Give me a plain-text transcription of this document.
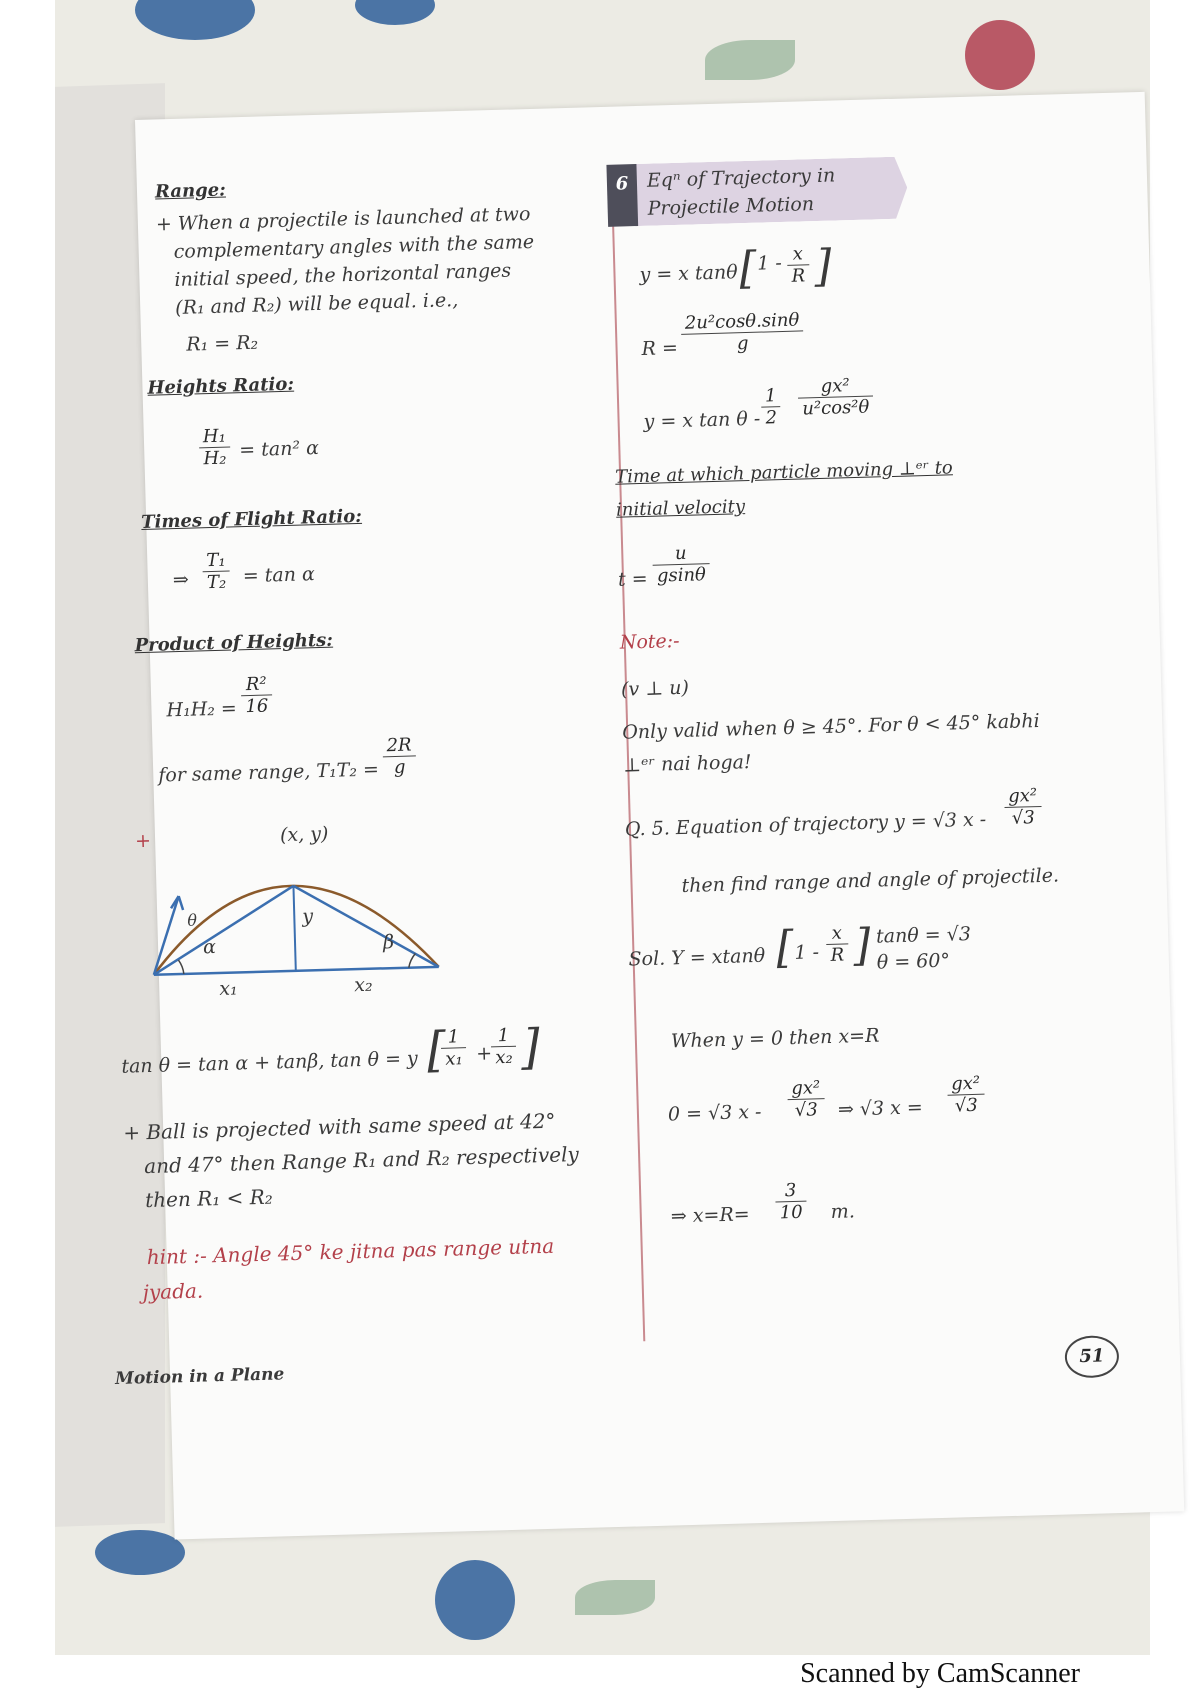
Range:
+ When a projectile is launched at two
complementary angles with the same
initial speed, the horizontal ranges
(R₁ and R₂) will be equal. i.e.,
R₁ = R₂
Heights Ratio:
$\frac{\text{H₁}}{\text{H₂}} = \tan^2$ α
Times of Flight Ratio:
⇒ $\frac{\text{T₁}}{\text{T₂}} = \tan \alpha$
Product of Heights:
$H_1H_2 = \frac{\text{R²}}{16}$
for same range, $T_1T_2 = \frac{2R}{g}$
+	(x, y)
θ
α
y
β
x₁	x₂
tan θ = tan α + tanβ, tan θ = y [
$\frac{1}{\text{x₁}}$ +
$\frac{1}{\text{x₂}}$ ]
+ Ball is projected with same speed at 42°
and 47° then Range R₁ and R₂ respectively
then R₁ < R₂
hint :- Angle 45° ke jitna pas range utna
jyada.
6 Eqⁿ of Trajectory in
Projectile Motion
y = x tanθ [ $1 - \frac{x}{R}$ ]
$R = \frac{\text{2u²cosθ.sinθ}}{g}$
y = x tan θ - $\frac{1}{2} \frac{\text{gx²}}{\text{u²cos²θ}}$
Time at which particle moving ⊥ᵉʳ to
initial velocity
$t = \frac{u}{gsin\theta}$
Note:-
(v ⊥ u)
Only valid when θ ≥ 45°. For θ < 45° kabhi
⊥ᵉʳ nai hoga!
Q. 5. Equation of trajectory y = √3 x - $\frac{\text{gx²}}{√3}$
then find range and angle of projectile.
Sol. Y = xtanθ [ $1 - \frac{x}{R}$ ] tanθ = √3
θ = 60°
When y = 0 then x=R
0 = √3 x - $\frac{\text{gx²}}{√3}$ ⇒ √3 $x = \frac{\text{gx²}}{√3}$
⇒ $x=R= \frac{3}{10} m$.
Motion in a Plane
51
Scanned by CamScanner
